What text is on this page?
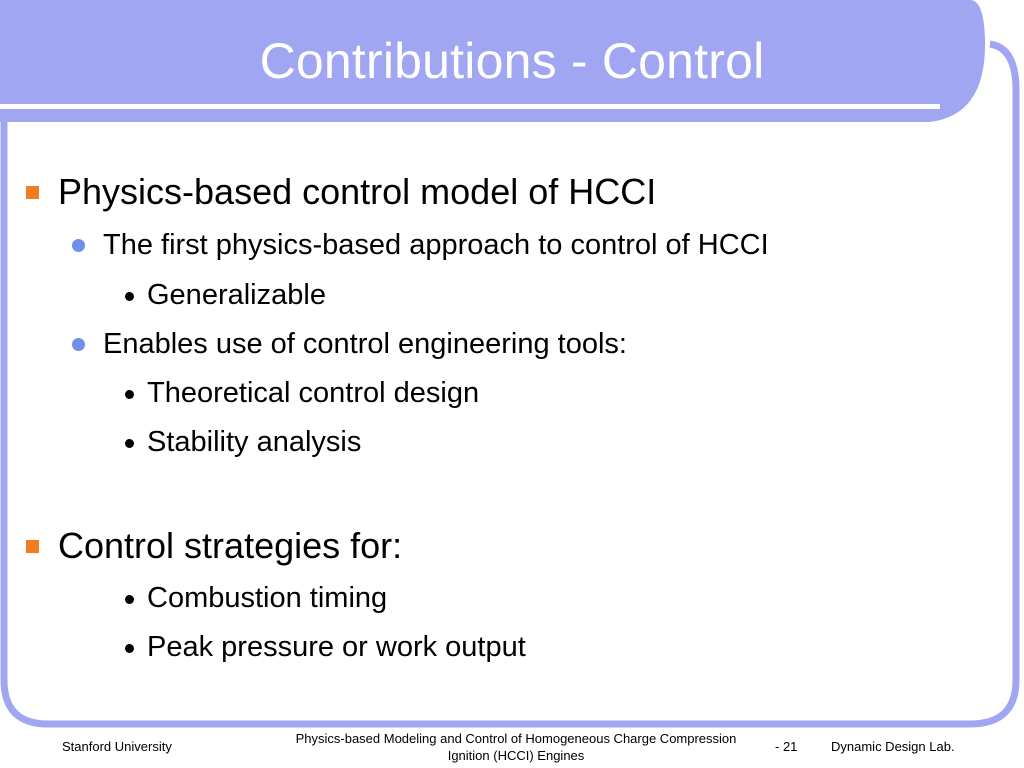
Contributions - Control
Physics-based control model of HCCI
The first physics-based approach to control of HCCI
Generalizable
Enables use of control engineering tools:
Theoretical control design
Stability analysis
Control strategies for:
Combustion timing
Peak pressure or work output
Stanford University
Physics-based Modeling and Control of Homogeneous Charge Compression
Ignition (HCCI) Engines
- 21	Dynamic Design Lab.
